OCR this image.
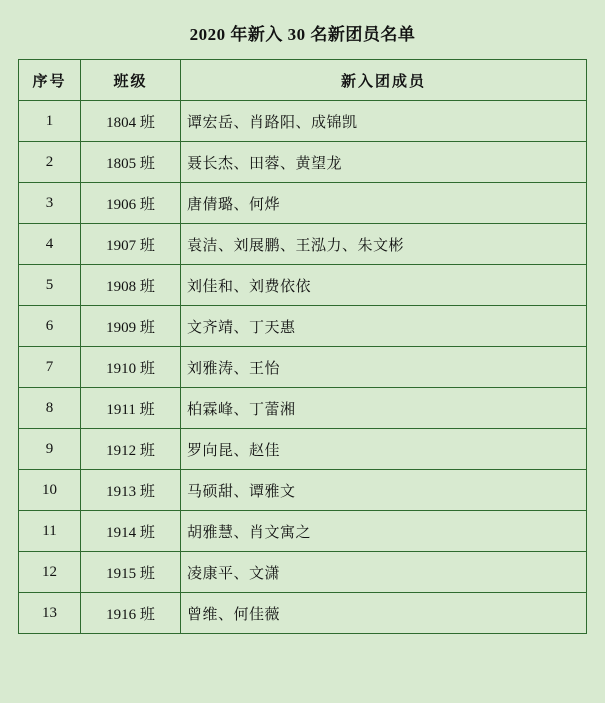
2020 年新入 30 名新团员名单
序号	班级	新入团成员
1	1804 班	谭宏岳、肖路阳、成锦凯
2	1805 班	聂长杰、田蓉、黄望龙
3	1906 班	唐倩璐、何烨
4	1907 班	袁洁、刘展鹏、王泓力、朱文彬
5	1908 班	刘佳和、刘费依依
6	1909 班	文齐靖、丁天惠
7	1910 班	刘雅涛、王怡
8	1911 班	柏霖峰、丁蕾湘
9	1912 班	罗向昆、赵佳
10	1913 班	马硕甜、谭雅文
11	1914 班	胡雅慧、肖文寓之
12	1915 班	凌康平、文潇
13	1916 班	曾维、何佳薇
